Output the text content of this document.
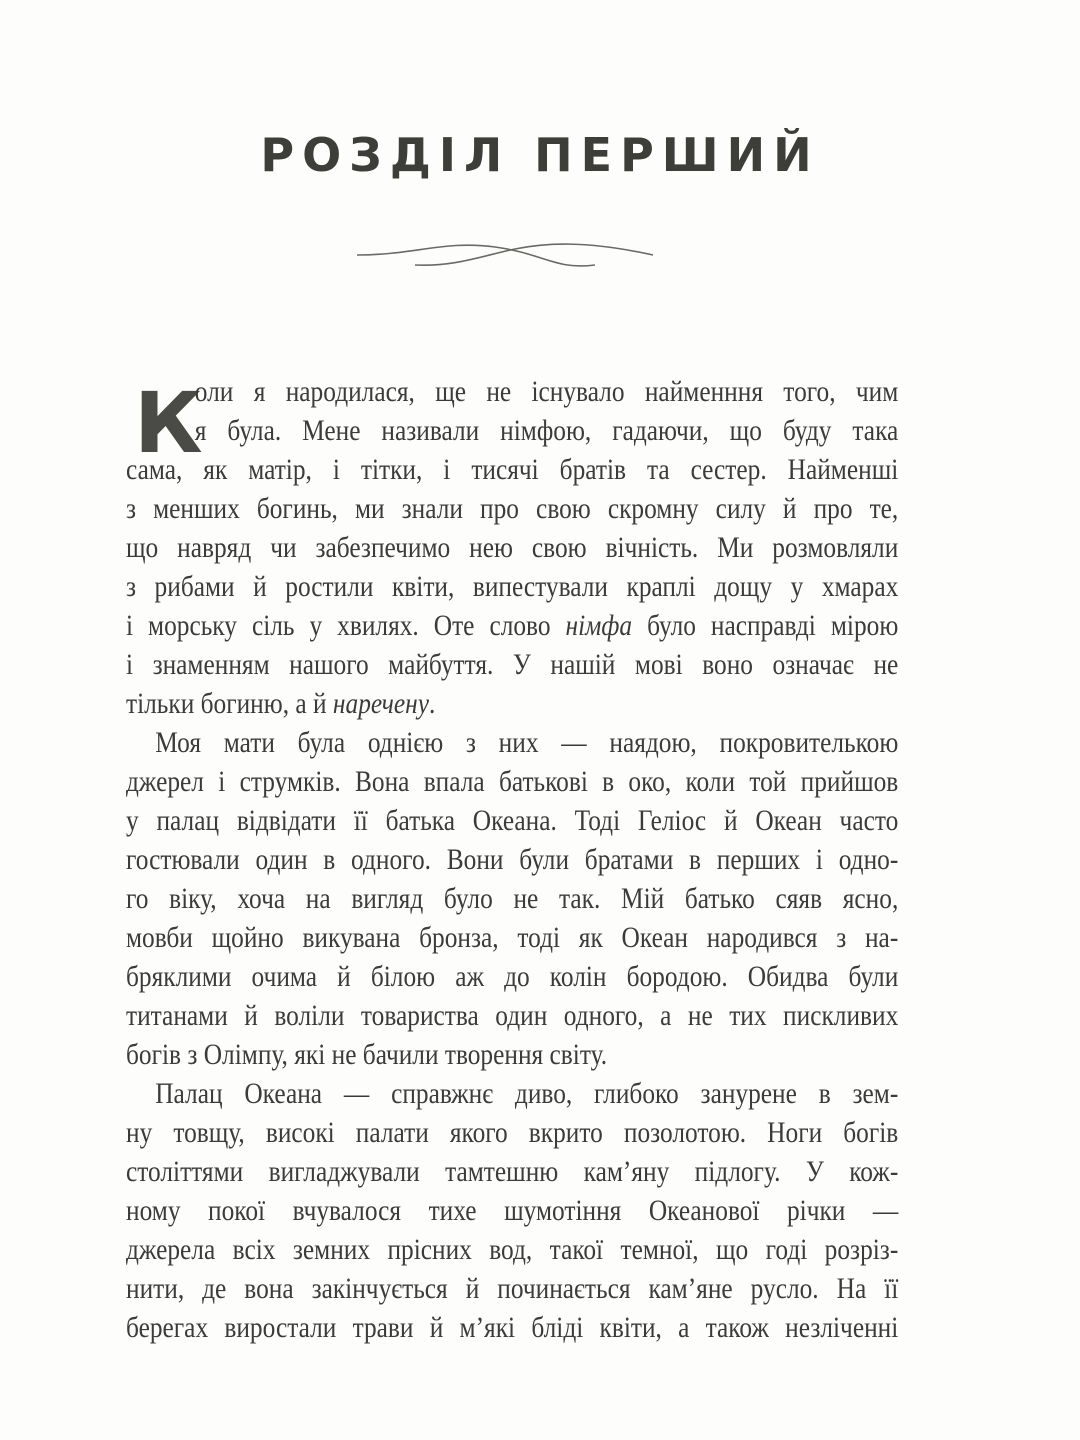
РОЗДІЛ ПЕРШИЙ
К
оли я народилася, ще не існувало найменння того, чим
я була. Мене називали німфою, гадаючи, що буду така
сама, як матір, і тітки, і тисячі братів та сестер. Найменші
з менших богинь, ми знали про свою скромну силу й про те,
що навряд чи забезпечимо нею свою вічність. Ми розмовляли
з рибами й ростили квіти, випестували краплі дощу у хмарах
і морську сіль у хвилях. Оте слово німфа було насправді мірою
і знаменням нашого майбуття. У нашій мові воно означає не
тільки богиню, а й наречену.
Моя мати була однією з них — наядою, покровителькою
джерел і струмків. Вона впала батькові в око, коли той прийшов
у палац відвідати її батька Океана. Тоді Геліос й Океан часто
гостювали один в одного. Вони були братами в перших і одно-
го віку, хоча на вигляд було не так. Мій батько сяяв ясно,
мовби щойно викувана бронза, тоді як Океан народився з на-
бряклими очима й білою аж до колін бородою. Обидва були
титанами й воліли товариства один одного, а не тих пискливих
богів з Олімпу, які не бачили творення світу.
Палац Океана — справжнє диво, глибоко занурене в зем-
ну товщу, високі палати якого вкрито позолотою. Ноги богів
століттями вигладжували тамтешню кам’яну підлогу. У кож-
ному покої вчувалося тихе шумотіння Океанової річки —
джерела всіх земних прісних вод, такої темної, що годі розріз-
нити, де вона закінчується й починається кам’яне русло. На її
берегах виростали трави й м’які бліді квіти, а також незліченні
